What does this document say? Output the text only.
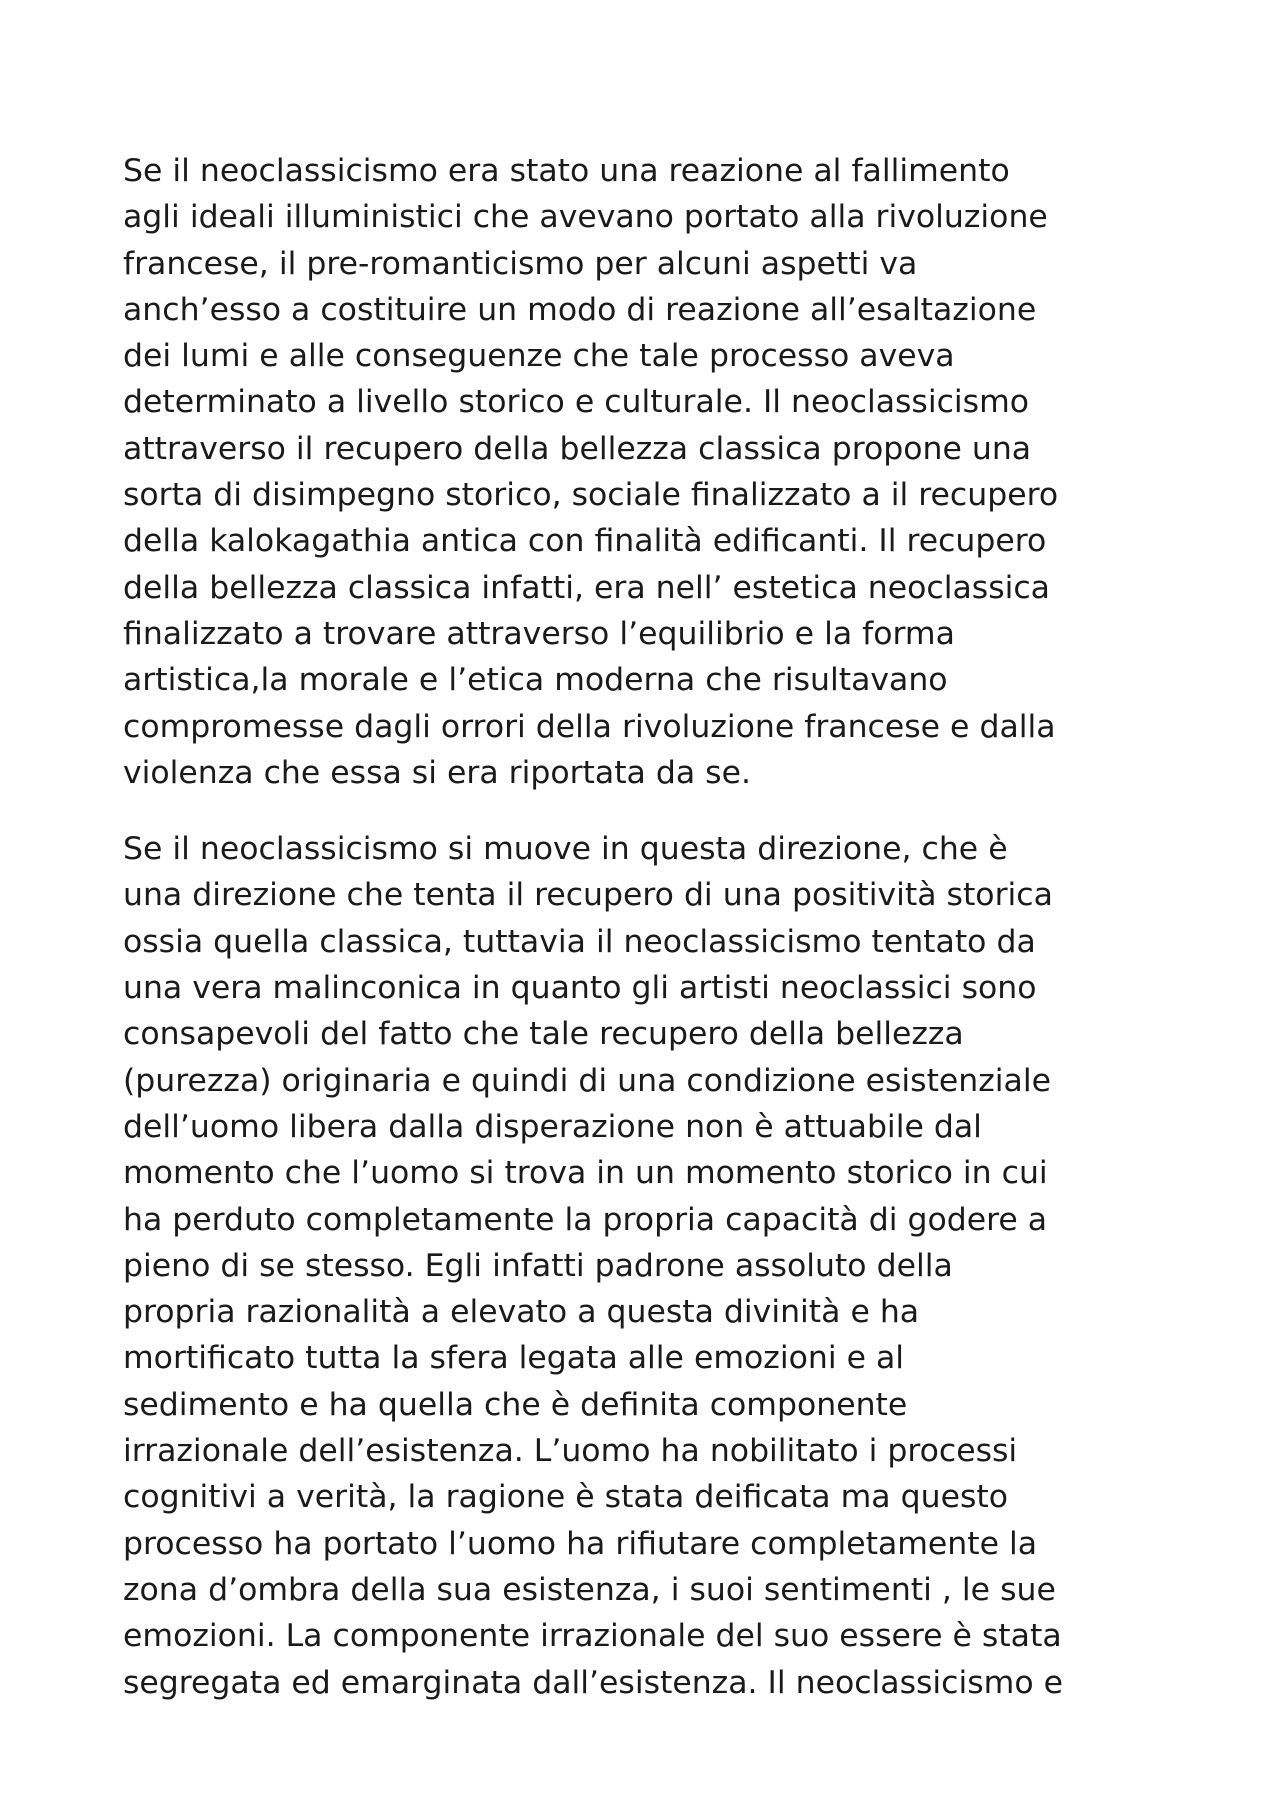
Se il neoclassicismo era stato una reazione al fallimento
agli ideali illuministici che avevano portato alla rivoluzione
francese, il pre-romanticismo per alcuni aspetti va
anch’esso a costituire un modo di reazione all’esaltazione
dei lumi e alle conseguenze che tale processo aveva
determinato a livello storico e culturale. Il neoclassicismo
attraverso il recupero della bellezza classica propone una
sorta di disimpegno storico, sociale finalizzato a il recupero
della kalokagathia antica con finalità edificanti. Il recupero
della bellezza classica infatti, era nell’ estetica neoclassica
finalizzato a trovare attraverso l’equilibrio e la forma
artistica,la morale e l’etica moderna che risultavano
compromesse dagli orrori della rivoluzione francese e dalla
violenza che essa si era riportata da se.

Se il neoclassicismo si muove in questa direzione, che è
una direzione che tenta il recupero di una positività storica
ossia quella classica, tuttavia il neoclassicismo tentato da
una vera malinconica in quanto gli artisti neoclassici sono
consapevoli del fatto che tale recupero della bellezza
(purezza) originaria e quindi di una condizione esistenziale
dell’uomo libera dalla disperazione non è attuabile dal
momento che l’uomo si trova in un momento storico in cui
ha perduto completamente la propria capacità di godere a
pieno di se stesso. Egli infatti padrone assoluto della
propria razionalità a elevato a questa divinità e ha
mortificato tutta la sfera legata alle emozioni e al
sedimento e ha quella che è definita componente
irrazionale dell’esistenza. L’uomo ha nobilitato i processi
cognitivi a verità, la ragione è stata deificata ma questo
processo ha portato l’uomo ha rifiutare completamente la
zona d’ombra della sua esistenza, i suoi sentimenti , le sue
emozioni. La componente irrazionale del suo essere è stata
segregata ed emarginata dall’esistenza. Il neoclassicismo e
